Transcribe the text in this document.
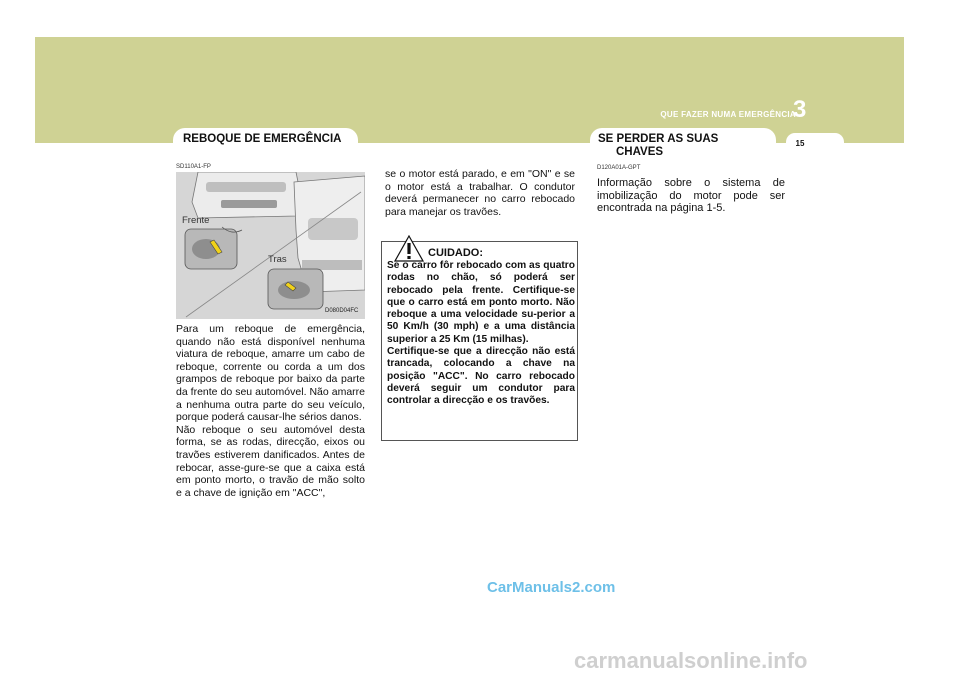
QUE FAZER NUMA EMERGÊNCIA
3
15
REBOQUE DE EMERGÊNCIA
SD110A1-FP
Frente
Tras
D080D04FC

Para um reboque de emergência, quando não está disponível nenhuma viatura de reboque, amarre um cabo de reboque, corrente ou corda a um dos grampos de reboque por baixo da parte da frente do seu automóvel. Não amarre a nenhuma outra parte do seu veículo, porque poderá causar-lhe sérios danos.
Não reboque o seu automóvel desta forma, se as rodas, direcção, eixos ou travões estiverem danificados. Antes de rebocar, asse-gure-se que a caixa está em ponto morto, o travão de mão solto e a chave de ignição em "ACC",

se o motor está parado, e em "ON" e se o motor está a trabalhar. O condutor deverá permanecer no carro rebocado para manejar os travões.

CUIDADO:

Se o carro fôr rebocado com as quatro rodas no chão, só poderá ser rebocado pela frente. Certifique-se que o carro está em ponto morto. Não reboque a uma velocidade su-perior a 50 Km/h (30 mph) e a uma distância superior a 25 Km (15 milhas).
Certifique-se que a direcção não está trancada, colocando a chave na posição "ACC". No carro rebocado deverá seguir um condutor para controlar a direcção e os travões.

SE PERDER AS SUAS
CHAVES
D120A01A-GPT

Informação sobre o sistema de imobilização do motor pode ser encontrada na página 1-5.

CarManuals2.com
carmanualsonline.info
